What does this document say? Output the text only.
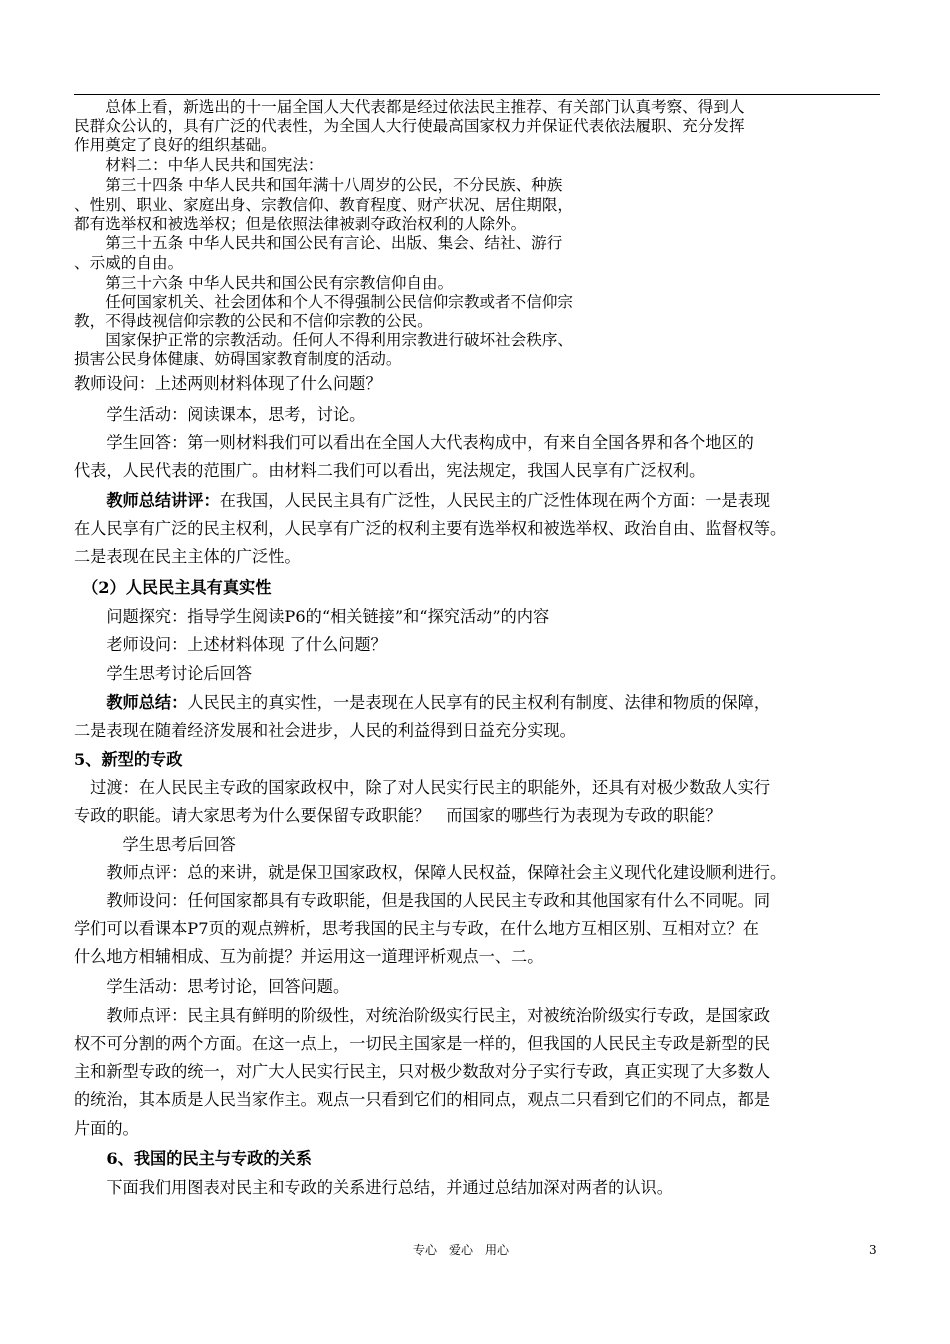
　　总体上看，新选出的十一届全国人大代表都是经过依法民主推荐、有关部门认真考察、得到人
民群众公认的，具有广泛的代表性，为全国人大行使最高国家权力并保证代表依法履职、充分发挥
作用奠定了良好的组织基础。
　　材料二：中华人民共和国宪法：
　　第三十四条 中华人民共和国年满十八周岁的公民，不分民族、种族
、性别、职业、家庭出身、宗教信仰、教育程度、财产状况、居住期限，
都有选举权和被选举权；但是依照法律被剥夺政治权利的人除外。
　　第三十五条 中华人民共和国公民有言论、出版、集会、结社、游行
、示威的自由。
　　第三十六条 中华人民共和国公民有宗教信仰自由。
　　任何国家机关、社会团体和个人不得强制公民信仰宗教或者不信仰宗
教，不得歧视信仰宗教的公民和不信仰宗教的公民。
　　国家保护正常的宗教活动。任何人不得利用宗教进行破坏社会秩序、
损害公民身体健康、妨碍国家教育制度的活动。
教师设问：上述两则材料体现了什么问题？
　　学生活动：阅读课本，思考，讨论。
　　学生回答：第一则材料我们可以看出在全国人大代表构成中，有来自全国各界和各个地区的
代表，人民代表的范围广。由材料二我们可以看出，宪法规定，我国人民享有广泛权利。
　　教师总结讲评：在我国，人民民主具有广泛性，人民民主的广泛性体现在两个方面：一是表现
在人民享有广泛的民主权利，人民享有广泛的权利主要有选举权和被选举权、政治自由、监督权等。
二是表现在民主主体的广泛性。
　（2）人民民主具有真实性
　　问题探究：指导学生阅读P6的“相关链接”和“探究活动”的内容
　　老师设问：上述材料体现 了什么问题？
　　学生思考讨论后回答
　　教师总结：人民民主的真实性，一是表现在人民享有的民主权利有制度、法律和物质的保障，
二是表现在随着经济发展和社会进步，人民的利益得到日益充分实现。
5、新型的专政
　过渡：在人民民主专政的国家政权中，除了对人民实行民主的职能外，还具有对极少数敌人实行
专政的职能。请大家思考为什么要保留专政职能？　而国家的哪些行为表现为专政的职能？
　　　学生思考后回答
　　教师点评：总的来讲，就是保卫国家政权，保障人民权益，保障社会主义现代化建设顺利进行。
　　教师设问：任何国家都具有专政职能，但是我国的人民民主专政和其他国家有什么不同呢。同
学们可以看课本P7页的观点辨析，思考我国的民主与专政，在什么地方互相区别、互相对立？在
什么地方相辅相成、互为前提？并运用这一道理评析观点一、二。
　　学生活动：思考讨论，回答问题。
　　教师点评：民主具有鲜明的阶级性，对统治阶级实行民主，对被统治阶级实行专政，是国家政
权不可分割的两个方面。在这一点上，一切民主国家是一样的，但我国的人民民主专政是新型的民
主和新型专政的统一，对广大人民实行民主，只对极少数敌对分子实行专政，真正实现了大多数人
的统治，其本质是人民当家作主。观点一只看到它们的相同点，观点二只看到它们的不同点，都是
片面的。
　　6、我国的民主与专政的关系
　　下面我们用图表对民主和专政的关系进行总结，并通过总结加深对两者的认识。
专心　爱心　用心	3
